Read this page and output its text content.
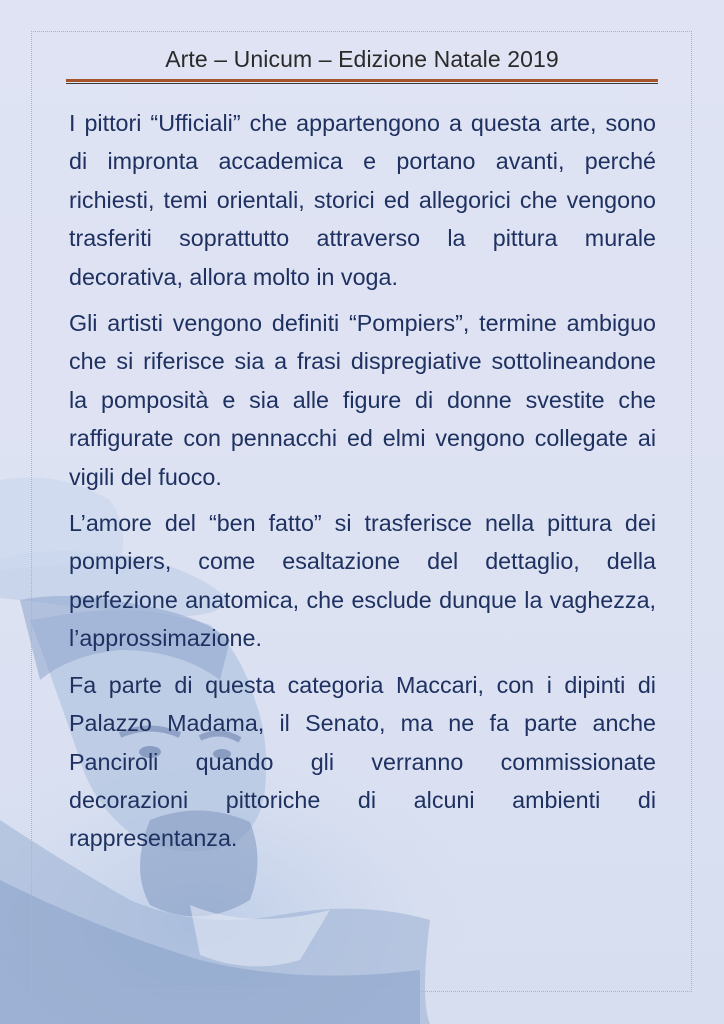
Arte – Unicum – Edizione Natale 2019

I pittori “Ufficiali” che appartengono a questa arte, sono di impronta accademica e portano avanti, perché richiesti, temi orientali, storici ed allegorici che vengono trasferiti soprattutto attraverso la pittura murale decorativa, allora molto in voga.

Gli artisti vengono definiti “Pompiers”, termine ambiguo che si riferisce sia a frasi dispregiative sottolineandone la pomposità e sia alle figure di donne svestite che raffigurate con pennacchi ed elmi vengono collegate ai vigili del fuoco.

L’amore del “ben fatto” si trasferisce nella pittura dei pompiers, come esaltazione del dettaglio, della perfezione anatomica, che esclude dunque la vaghezza, l’approssimazione.

Fa parte di questa categoria Maccari, con i dipinti di Palazzo Madama, il Senato, ma ne fa parte anche Panciroli quando gli verranno commissionate decorazioni pittoriche di alcuni ambienti di rappresentanza.
